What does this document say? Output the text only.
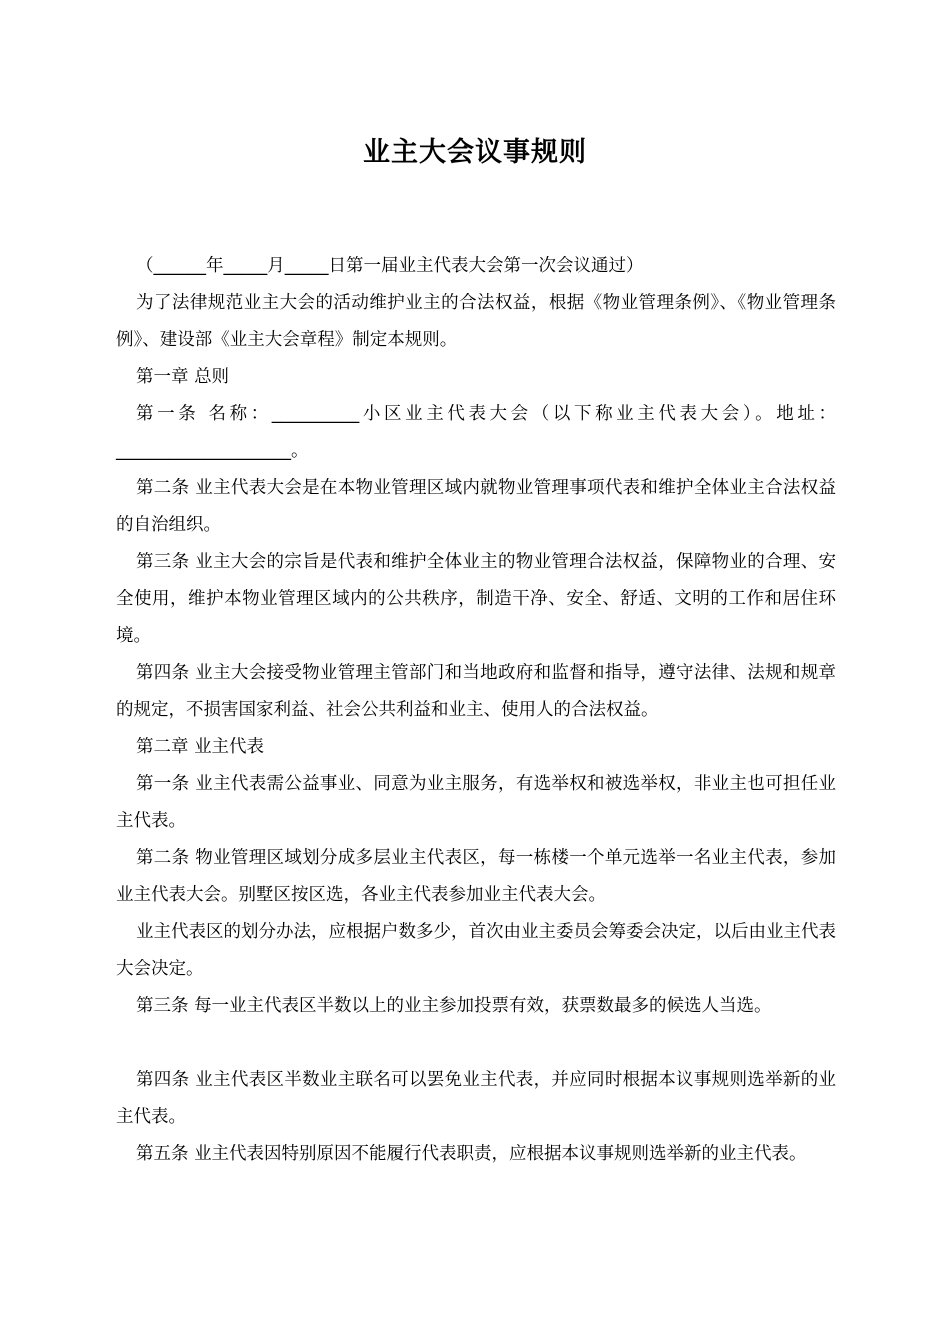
业主大会议事规则

（______年_____月_____日第一届业主代表大会第一次会议通过）

为了法律规范业主大会的活动维护业主的合法权益，根据《物业管理条例》、《物业管理条例》、建设部《业主大会章程》制定本规则。

第一章 总则

第一条 名称：__________小区业主代表大会（以下称业主代表大会）。地址：____________________。

第二条 业主代表大会是在本物业管理区域内就物业管理事项代表和维护全体业主合法权益的自治组织。

第三条 业主大会的宗旨是代表和维护全体业主的物业管理合法权益，保障物业的合理、安全使用，维护本物业管理区域内的公共秩序，制造干净、安全、舒适、文明的工作和居住环境。

第四条 业主大会接受物业管理主管部门和当地政府和监督和指导，遵守法律、法规和规章的规定，不损害国家利益、社会公共利益和业主、使用人的合法权益。

第二章 业主代表

第一条 业主代表需公益事业、同意为业主服务，有选举权和被选举权，非业主也可担任业主代表。

第二条 物业管理区域划分成多层业主代表区，每一栋楼一个单元选举一名业主代表，参加业主代表大会。别墅区按区选，各业主代表参加业主代表大会。

业主代表区的划分办法，应根据户数多少，首次由业主委员会筹委会决定，以后由业主代表大会决定。

第三条 每一业主代表区半数以上的业主参加投票有效，获票数最多的候选人当选。

第四条 业主代表区半数业主联名可以罢免业主代表，并应同时根据本议事规则选举新的业主代表。

第五条 业主代表因特别原因不能履行代表职责，应根据本议事规则选举新的业主代表。
